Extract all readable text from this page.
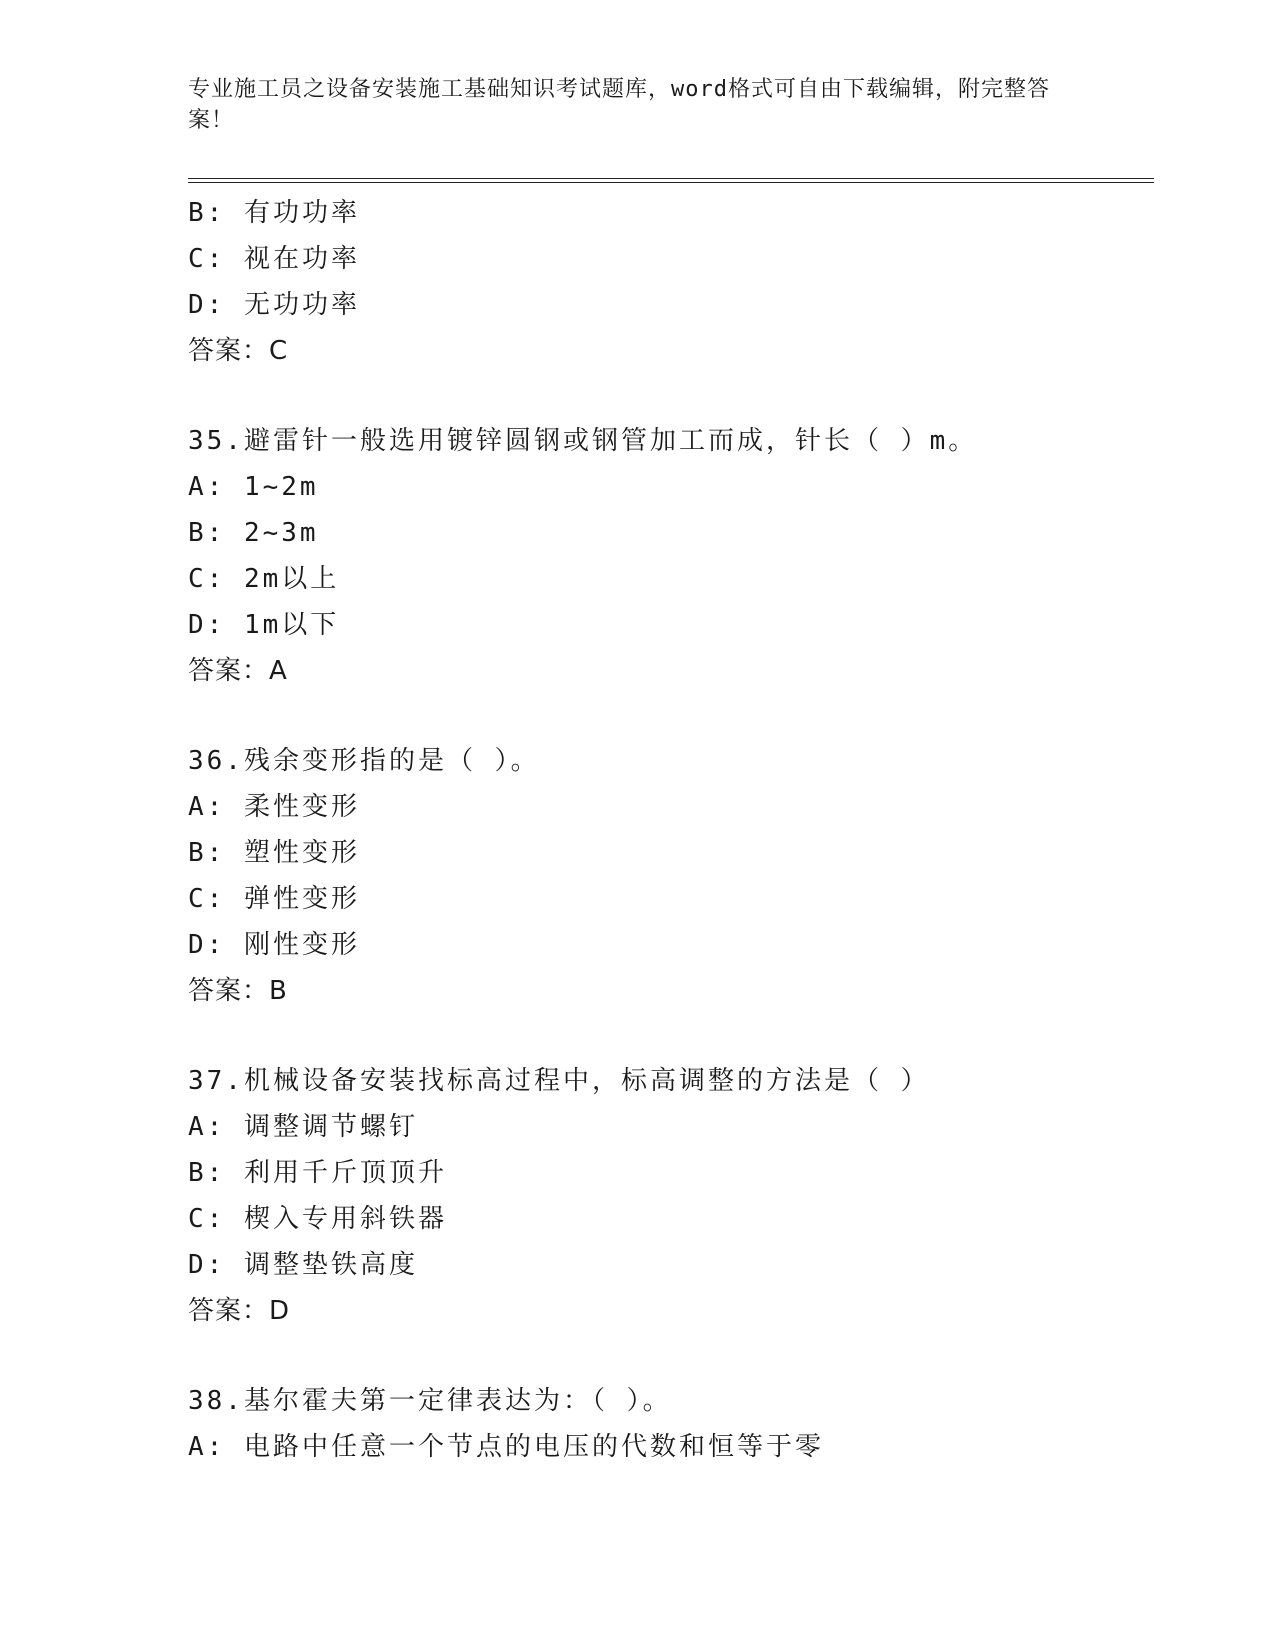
专业施工员之设备安装施工基础知识考试题库，word格式可自由下载编辑，附完整答案！
B: 有功功率
C: 视在功率
D: 无功功率
答案：C
35.避雷针一般选用镀锌圆钢或钢管加工而成，针长（ ）m。
A: 1~2m
B: 2~3m
C: 2m以上
D: 1m以下
答案：A
36.残余变形指的是（ ）。
A: 柔性变形
B: 塑性变形
C: 弹性变形
D: 刚性变形
答案：B
37.机械设备安装找标高过程中，标高调整的方法是（ ）
A: 调整调节螺钉
B: 利用千斤顶顶升
C: 楔入专用斜铁器
D: 调整垫铁高度
答案：D
38.基尔霍夫第一定律表达为：（ ）。
A: 电路中任意一个节点的电压的代数和恒等于零
